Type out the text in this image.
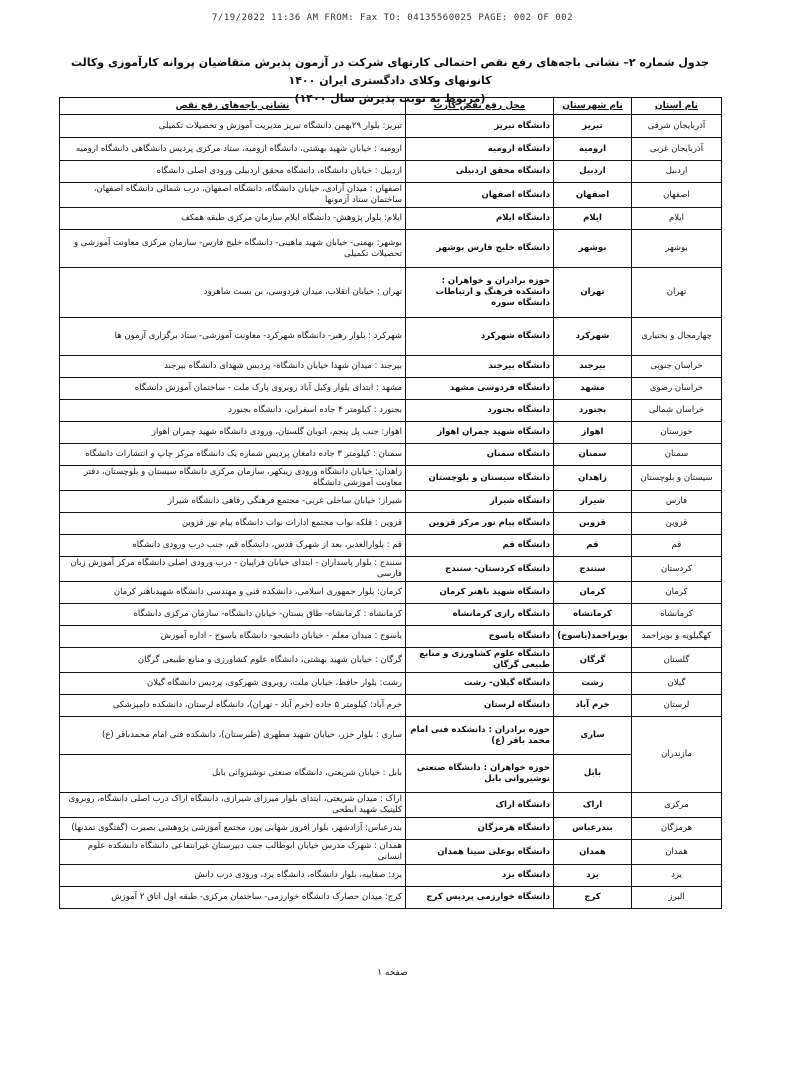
7/19/2022 11:36 AM FROM: Fax TO: 04135560025 PAGE: 002 OF 002
جدول شماره ۲– نشانی باجه‌های رفع نقص احتمالی کارتهای شرکت در آزمون پذیرش متقاضیان پروانه کارآموزی وکالت کانونهای وکلای دادگستری ایران ۱۴۰۰
(مربوط به نوبت پذیرش سال ۱۴۰۰)
نام استان	نام شهرستان	محل رفع نقص کارت	نشانی باجه‌های رفع نقص
آذربایجان شرقی	تبریز	دانشگاه تبریز	تبریز: بلوار ۲۹بهمن دانشگاه تبریز مدیریت آموزش و تحصیلات تکمیلی
آذربایجان غربی	ارومیه	دانشگاه ارومیه	ارومیه : خیابان شهید بهشتی، دانشگاه ارومیه، ستاد مرکزی پردیس دانشگاهی دانشگاه ارومیه
اردبیل	اردبیل	دانشگاه محقق اردبیلی	اردبیل : خیابان دانشگاه، دانشگاه محقق اردبیلی ورودی اصلی دانشگاه
اصفهان	اصفهان	دانشگاه اصفهان	اصفهان : میدان آزادی، خیابان دانشگاه، دانشگاه اصفهان، درب شمالی دانشگاه اصفهان، ساختمان ستاد آزمونها
ایلام	ایلام	دانشگاه ایلام	ایلام: بلوار پژوهش- دانشگاه ایلام سازمان مرکزی طبقه همکف
بوشهر	بوشهر	دانشگاه خلیج فارس بوشهر	بوشهر: بهمنی- خیابان شهید ماهینی- دانشگاه خلیج فارس- سازمان مرکزی معاونت آموزشی و تحصیلات تکمیلی
تهران	تهران	حوزه برادران و خواهران : دانشکده فرهنگ و ارتباطات دانشگاه سوره	تهران : خیابان انقلاب، میدان فردوسی، بن بست شاهرود
چهارمحال و بختیاری	شهرکرد	دانشگاه شهرکرد	شهرکرد : بلوار رهبر- دانشگاه شهرکرد- معاونت آموزشی- ستاد برگزاری آزمون ها
خراسان جنوبی	بیرجند	دانشگاه بیرجند	بیرجند : میدان شهدا خیابان دانشگاه- پردیس شهدای دانشگاه بیرجند
خراسان رضوی	مشهد	دانشگاه فردوسی مشهد	مشهد : ابتدای بلوار وکیل آباد روبروی پارک ملت - ساختمان آموزش دانشگاه
خراسان شمالی	بجنورد	دانشگاه بجنورد	بجنورد : کیلومتر ۴ جاده اسفراین، دانشگاه بجنورد
خوزستان	اهواز	دانشگاه شهید چمران اهواز	اهواز: جنب پل پنجم، اتوبان گلستان، ورودی دانشگاه شهید چمران اهواز
سمنان	سمنان	دانشگاه سمنان	سمنان : کیلومتر ۳ جاده دامغان پردیس شماره یک دانشگاه مرکز چاپ و انتشارات دانشگاه
سیستان و بلوچستان	زاهدان	دانشگاه سیستان و بلوچستان	زاهدان: خیابان دانشگاه ورودی زیبکهر، سازمان مرکزی دانشگاه سیستان و بلوچستان، دفتر معاونت آموزشی دانشگاه
فارس	شیراز	دانشگاه شیراز	شیراز: خیابان ساحلی غربی- مجتمع فرهنگی رفاهی دانشگاه شیراز
قزوین	قزوین	دانشگاه پیام نور مرکز قزوین	قزوین : فلکه نواب مجتمع ادارات نواب دانشگاه پیام نور قزوین
قم	قم	دانشگاه قم	قم : بلوارالغدیر، بعد از شهرک قدس، دانشگاه قم، جنب درب ورودی دانشگاه
کردستان	سنندج	دانشگاه کردستان- سنندج	سنندج : بلوار پاسداران - ابتدای خیابان فراپیان - درب ورودی اصلی دانشگاه مرکز آموزش زبان فارسی
کرمان	کرمان	دانشگاه شهید باهنر کرمان	کرمان: بلوار جمهوری اسلامی، دانشکده فنی و مهندسی دانشگاه شهیدباهنر کرمان
کرمانشاه	کرمانشاه	دانشگاه رازی کرمانشاه	کرمانشاه : کرمانشاه- طاق بستان- خیابان دانشگاه- سازمان مرکزی دانشگاه
کهگیلویه و بویراحمد	بویراحمد(یاسوج)	دانشگاه یاسوج	یاسوج : میدان معلم - خیابان دانشجو- دانشگاه یاسوج - اداره آموزش
گلستان	گرگان	دانشگاه علوم کشاورزی و منابع طبیعی گرگان	گرگان : خیابان شهید بهشتی، دانشگاه علوم کشاورزی و منابع طبیعی گرگان
گیلان	رشت	دانشگاه گیلان- رشت	رشت: بلوار حافظ، خیابان ملت، روبروی شهرکوی، پردیس دانشگاه گیلان
لرستان	خرم آباد	دانشگاه لرستان	خرم آباد: کیلومتر ۵ جاده (خرم آباد - تهران)، دانشگاه لرستان، دانشکده دامپزشکی
مازندران	ساری	حوزه برادران : دانشکده فنی امام محمد باقر (ع)	ساری : بلوار خزر، خیابان شهید مطهری (طبرستان)، دانشکده فنی امام محمدباقر (ع)
	بابل	حوزه خواهران : دانشگاه صنعتی نوشیروانی بابل	بابل : خیابان شریعتی، دانشگاه صنعتی نوشیروانی بابل
مرکزی	اراک	دانشگاه اراک	اراک : میدان شریعتی، ابتدای بلوار میرزای شیرازی، دانشگاه اراک درب اصلی دانشگاه، روبروی کلینیک شهید ابطحی
هرمزگان	بندرعباس	دانشگاه هرمزگان	بندرعباس: آزادشهر، بلوار افروز شهابی پور، مجتمع آموزشی پژوهشی بصیرت (گفتگوی تمدنها)
همدان	همدان	دانشگاه بوعلی سینا همدان	همدان : شهرک مدرس خیابان ابوطالب جنب دبیرستان غیرانتفاعی دانشگاه دانشکده علوم انسانی
یزد	یزد	دانشگاه یزد	یزد: صفاییه، بلوار دانشگاه، دانشگاه یزد، ورودی درب دانش
البرز	کرج	دانشگاه خوارزمی پردیس کرج	کرج: میدان حصارک دانشگاه خوارزمی- ساختمان مرکزی- طبقه اول اتاق ۲ آموزش
صفحه ۱
